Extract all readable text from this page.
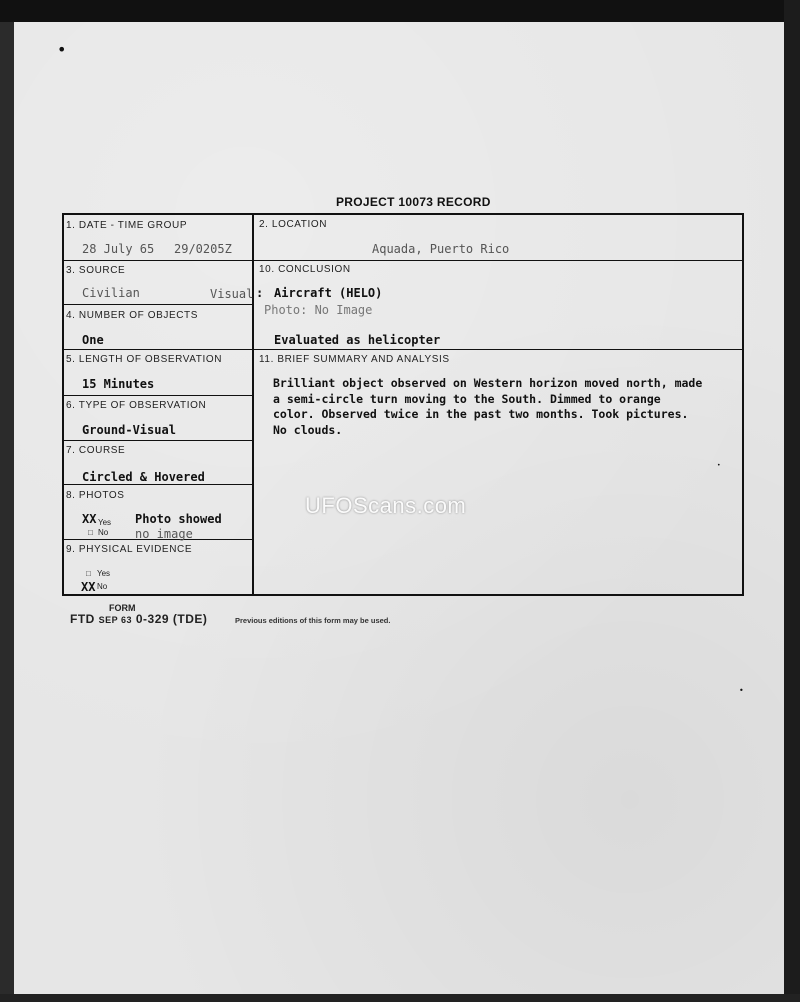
•
•
•
PROJECT 10073 RECORD
1. DATE - TIME GROUP
28 July 65 29/0205Z
2. LOCATION
Aquada, Puerto Rico
3. SOURCE
Civilian	Visual
10. CONCLUSION
: Aircraft (HELO)
Photo: No Image
Evaluated as helicopter
4. NUMBER OF OBJECTS
One
5. LENGTH OF OBSERVATION
15 Minutes
11. BRIEF SUMMARY AND ANALYSIS
Brilliant object observed on Western horizon moved north, made
a semi-circle turn moving to the South. Dimmed to orange
color. Observed twice in the past two months. Took pictures.
No clouds.
6. TYPE OF OBSERVATION
Ground-Visual
7. COURSE
Circled & Hovered
8. PHOTOS
XX Yes Photo showed
□ No no image
9. PHYSICAL EVIDENCE
□ Yes
XX No
UFOScans.com
FORM
FTD SEP 63 0-329 (TDE)	Previous editions of this form may be used.
